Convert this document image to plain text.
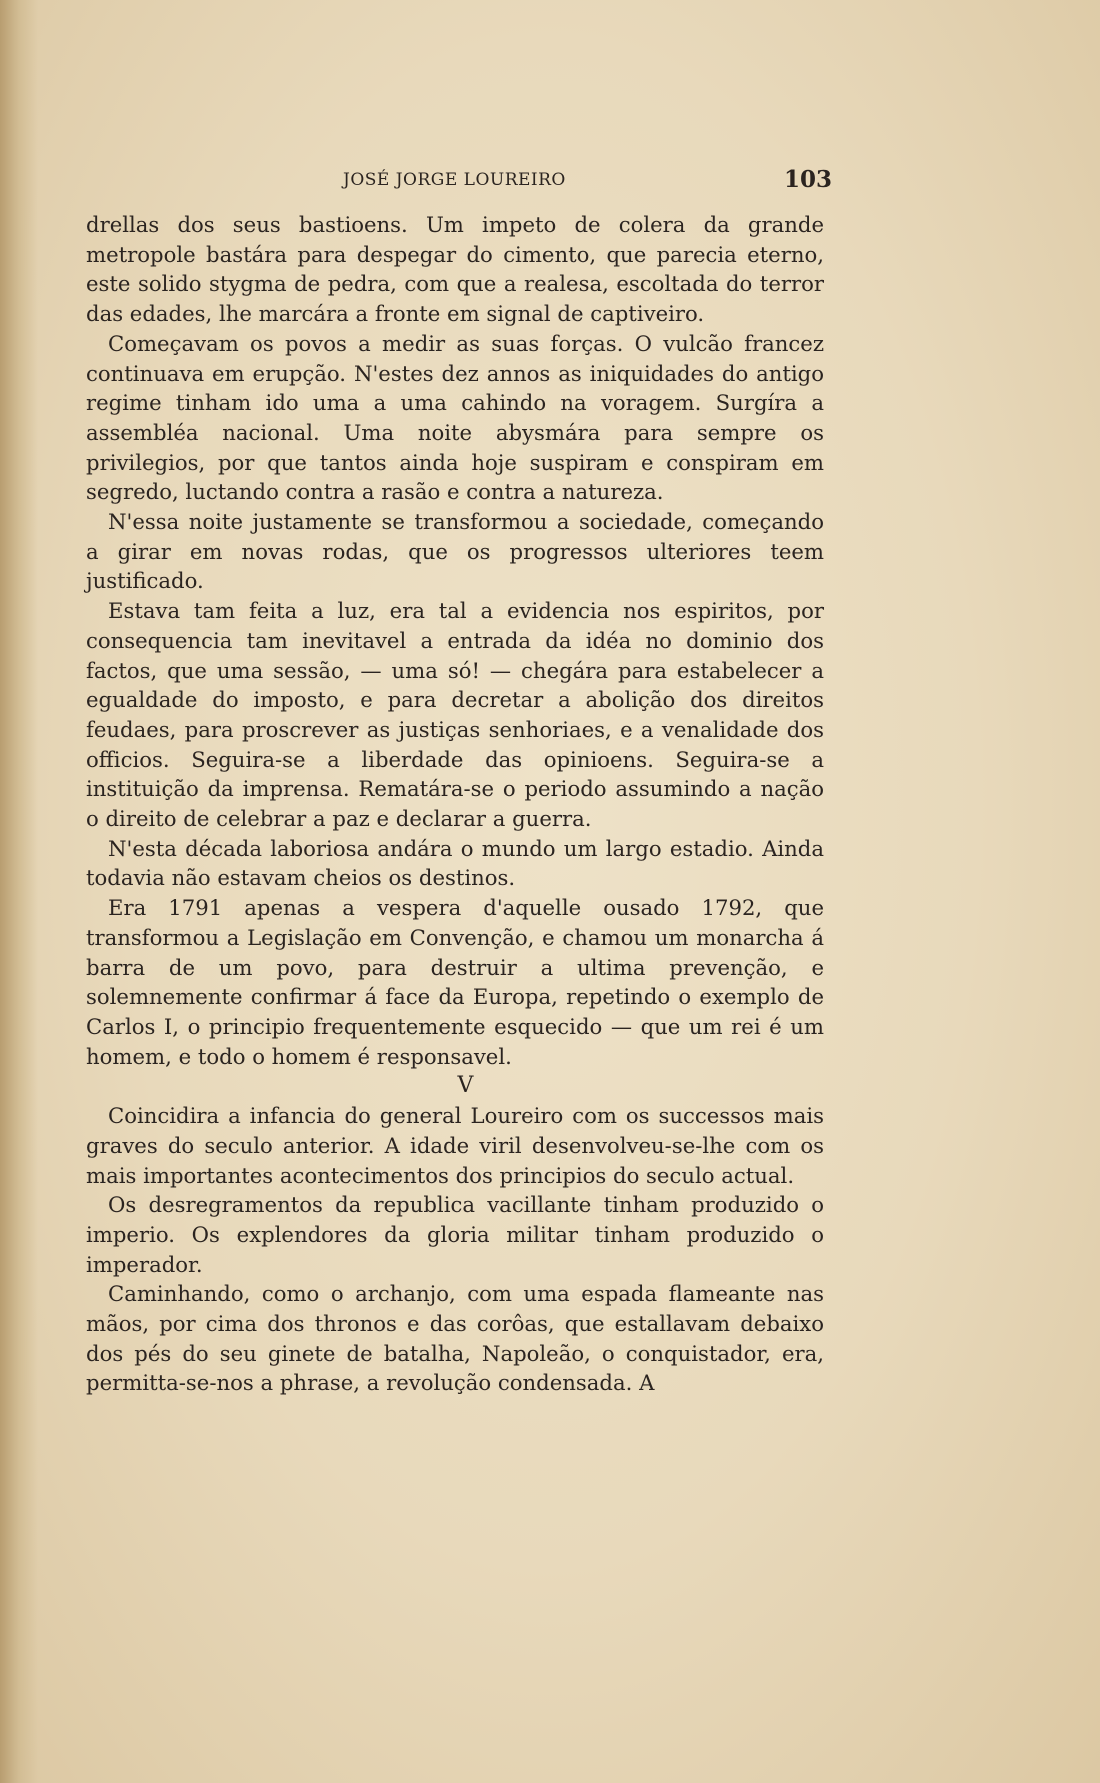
JOSÉ JORGE LOUREIRO	103

drellas dos seus bastioens. Um impeto de colera da grande metropole bastára para despegar do cimento, que parecia eterno, este solido stygma de pedra, com que a realesa, escoltada do terror das edades, lhe marcára a fronte em signal de captiveiro.

Começavam os povos a medir as suas forças. O vulcão francez continuava em erupção. N'estes dez annos as iniquidades do antigo regime tinham ido uma a uma cahindo na voragem. Surgíra a assembléa nacional. Uma noite abysmára para sempre os privilegios, por que tantos ainda hoje suspiram e conspiram em segredo, luctando contra a rasão e contra a natureza.

N'essa noite justamente se transformou a sociedade, começando a girar em novas rodas, que os progressos ulteriores teem justificado.

Estava tam feita a luz, era tal a evidencia nos espiritos, por consequencia tam inevitavel a entrada da idéa no dominio dos factos, que uma sessão, — uma só! — chegára para estabelecer a egualdade do imposto, e para decretar a abolição dos direitos feudaes, para proscrever as justiças senhoriaes, e a venalidade dos officios. Seguira-se a liberdade das opinioens. Seguira-se a instituição da imprensa. Rematára-se o periodo assumindo a nação o direito de celebrar a paz e declarar a guerra.

N'esta década laboriosa andára o mundo um largo estadio. Ainda todavia não estavam cheios os destinos.

Era 1791 apenas a vespera d'aquelle ousado 1792, que transformou a Legislação em Convenção, e chamou um monarcha á barra de um povo, para destruir a ultima prevenção, e solemnemente confirmar á face da Europa, repetindo o exemplo de Carlos I, o principio frequentemente esquecido — que um rei é um homem, e todo o homem é responsavel.

V

Coincidira a infancia do general Loureiro com os successos mais graves do seculo anterior. A idade viril desenvolveu-se-lhe com os mais importantes acontecimentos dos principios do seculo actual.

Os desregramentos da republica vacillante tinham produzido o imperio. Os explendores da gloria militar tinham produzido o imperador.

Caminhando, como o archanjo, com uma espada flameante nas mãos, por cima dos thronos e das corôas, que estallavam debaixo dos pés do seu ginete de batalha, Napoleão, o conquistador, era, permitta-se-nos a phrase, a revolução condensada. A
